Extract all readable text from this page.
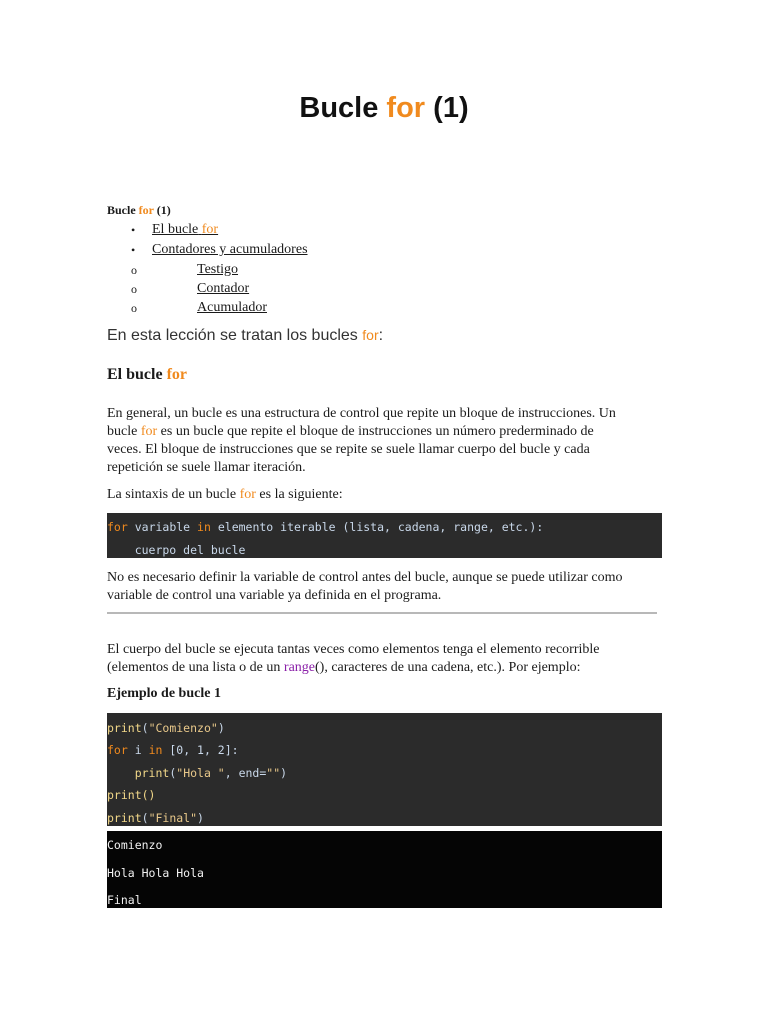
Bucle for (1)
Bucle for (1)
• El bucle for
• Contadores y acumuladores
o	Testigo
o	Contador
o	Acumulador
En esta lección se tratan los bucles for:
El bucle for
En general, un bucle es una estructura de control que repite un bloque de instrucciones. Un
bucle for es un bucle que repite el bloque de instrucciones un número prederminado de
veces. El bloque de instrucciones que se repite se suele llamar cuerpo del bucle y cada
repetición se suele llamar iteración.
La sintaxis de un bucle for es la siguiente:
for variable in elemento iterable (lista, cadena, range, etc.):
cuerpo del bucle
No es necesario definir la variable de control antes del bucle, aunque se puede utilizar como
variable de control una variable ya definida en el programa.
El cuerpo del bucle se ejecuta tantas veces como elementos tenga el elemento recorrible
(elementos de una lista o de un range(), caracteres de una cadena, etc.). Por ejemplo:
Ejemplo de bucle 1
print("Comienzo")
for i in [0, 1, 2]:
print("Hola ", end="")
print()
print("Final")
Comienzo
Hola Hola Hola
Final
